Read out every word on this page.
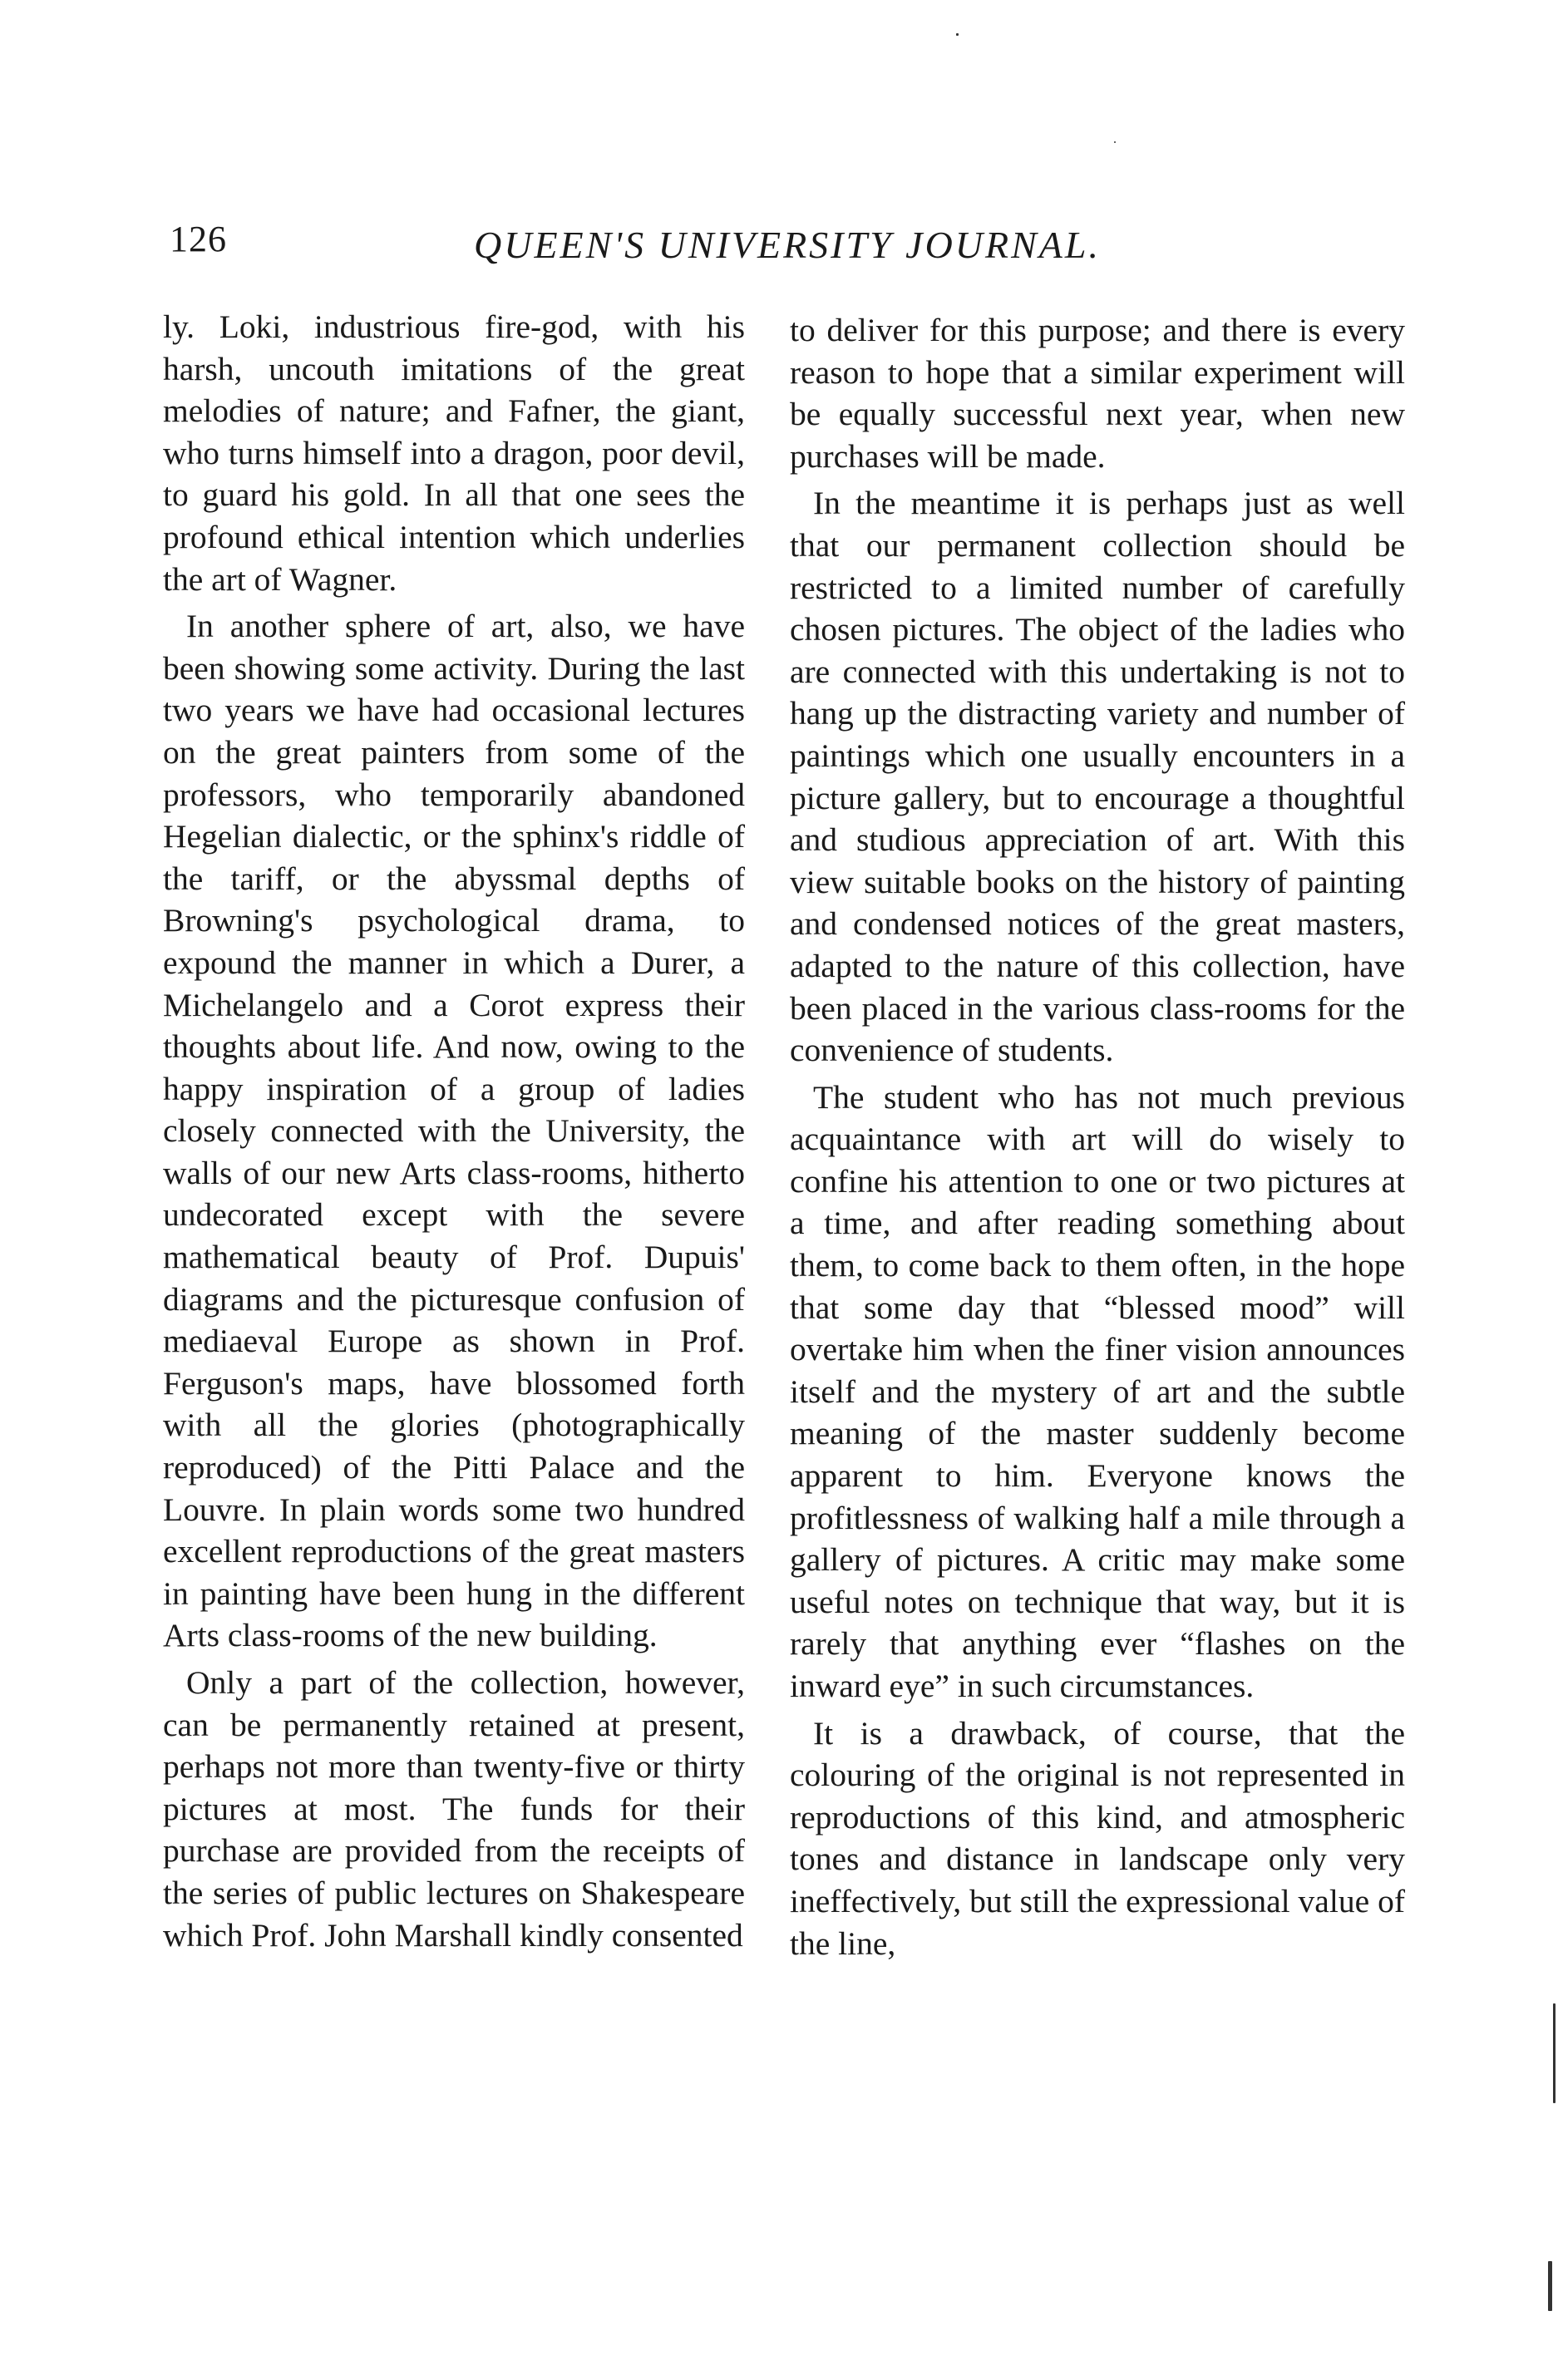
126	QUEEN'S UNIVERSITY JOURNAL.

ly. Loki, industrious fire-god, with his harsh, uncouth imitations of the great melodies of nature; and Fafner, the giant, who turns himself into a dragon, poor devil, to guard his gold. In all that one sees the profound ethical intention which underlies the art of Wagner.

In another sphere of art, also, we have been showing some activity. During the last two years we have had occasional lectures on the great painters from some of the professors, who temporarily abandoned Hegelian dialectic, or the sphinx's riddle of the tariff, or the abyssmal depths of Browning's psychological drama, to expound the manner in which a Durer, a Michelangelo and a Corot express their thoughts about life. And now, owing to the happy inspiration of a group of ladies closely connected with the University, the walls of our new Arts class-rooms, hitherto undecorated except with the severe mathematical beauty of Prof. Dupuis' diagrams and the picturesque confusion of mediaeval Europe as shown in Prof. Ferguson's maps, have blossomed forth with all the glories (photographically reproduced) of the Pitti Palace and the Louvre. In plain words some two hundred excellent reproductions of the great masters in painting have been hung in the different Arts class-rooms of the new building.

Only a part of the collection, however, can be permanently retained at present, perhaps not more than twenty-five or thirty pictures at most. The funds for their purchase are provided from the receipts of the series of public lectures on Shakespeare which Prof. John Marshall kindly consented

to deliver for this purpose; and there is every reason to hope that a similar experiment will be equally successful next year, when new purchases will be made.

In the meantime it is perhaps just as well that our permanent collection should be restricted to a limited number of carefully chosen pictures. The object of the ladies who are connected with this undertaking is not to hang up the distracting variety and number of paintings which one usually encounters in a picture gallery, but to encourage a thoughtful and studious appreciation of art. With this view suitable books on the history of painting and condensed notices of the great masters, adapted to the nature of this collection, have been placed in the various class-rooms for the convenience of students.

The student who has not much previous acquaintance with art will do wisely to confine his attention to one or two pictures at a time, and after reading something about them, to come back to them often, in the hope that some day that “blessed mood” will overtake him when the finer vision announces itself and the mystery of art and the subtle meaning of the master suddenly become apparent to him. Everyone knows the profitlessness of walking half a mile through a gallery of pictures. A critic may make some useful notes on technique that way, but it is rarely that anything ever “flashes on the inward eye” in such circumstances.

It is a drawback, of course, that the colouring of the original is not represented in reproductions of this kind, and atmospheric tones and distance in landscape only very ineffectively, but still the expressional value of the line,
